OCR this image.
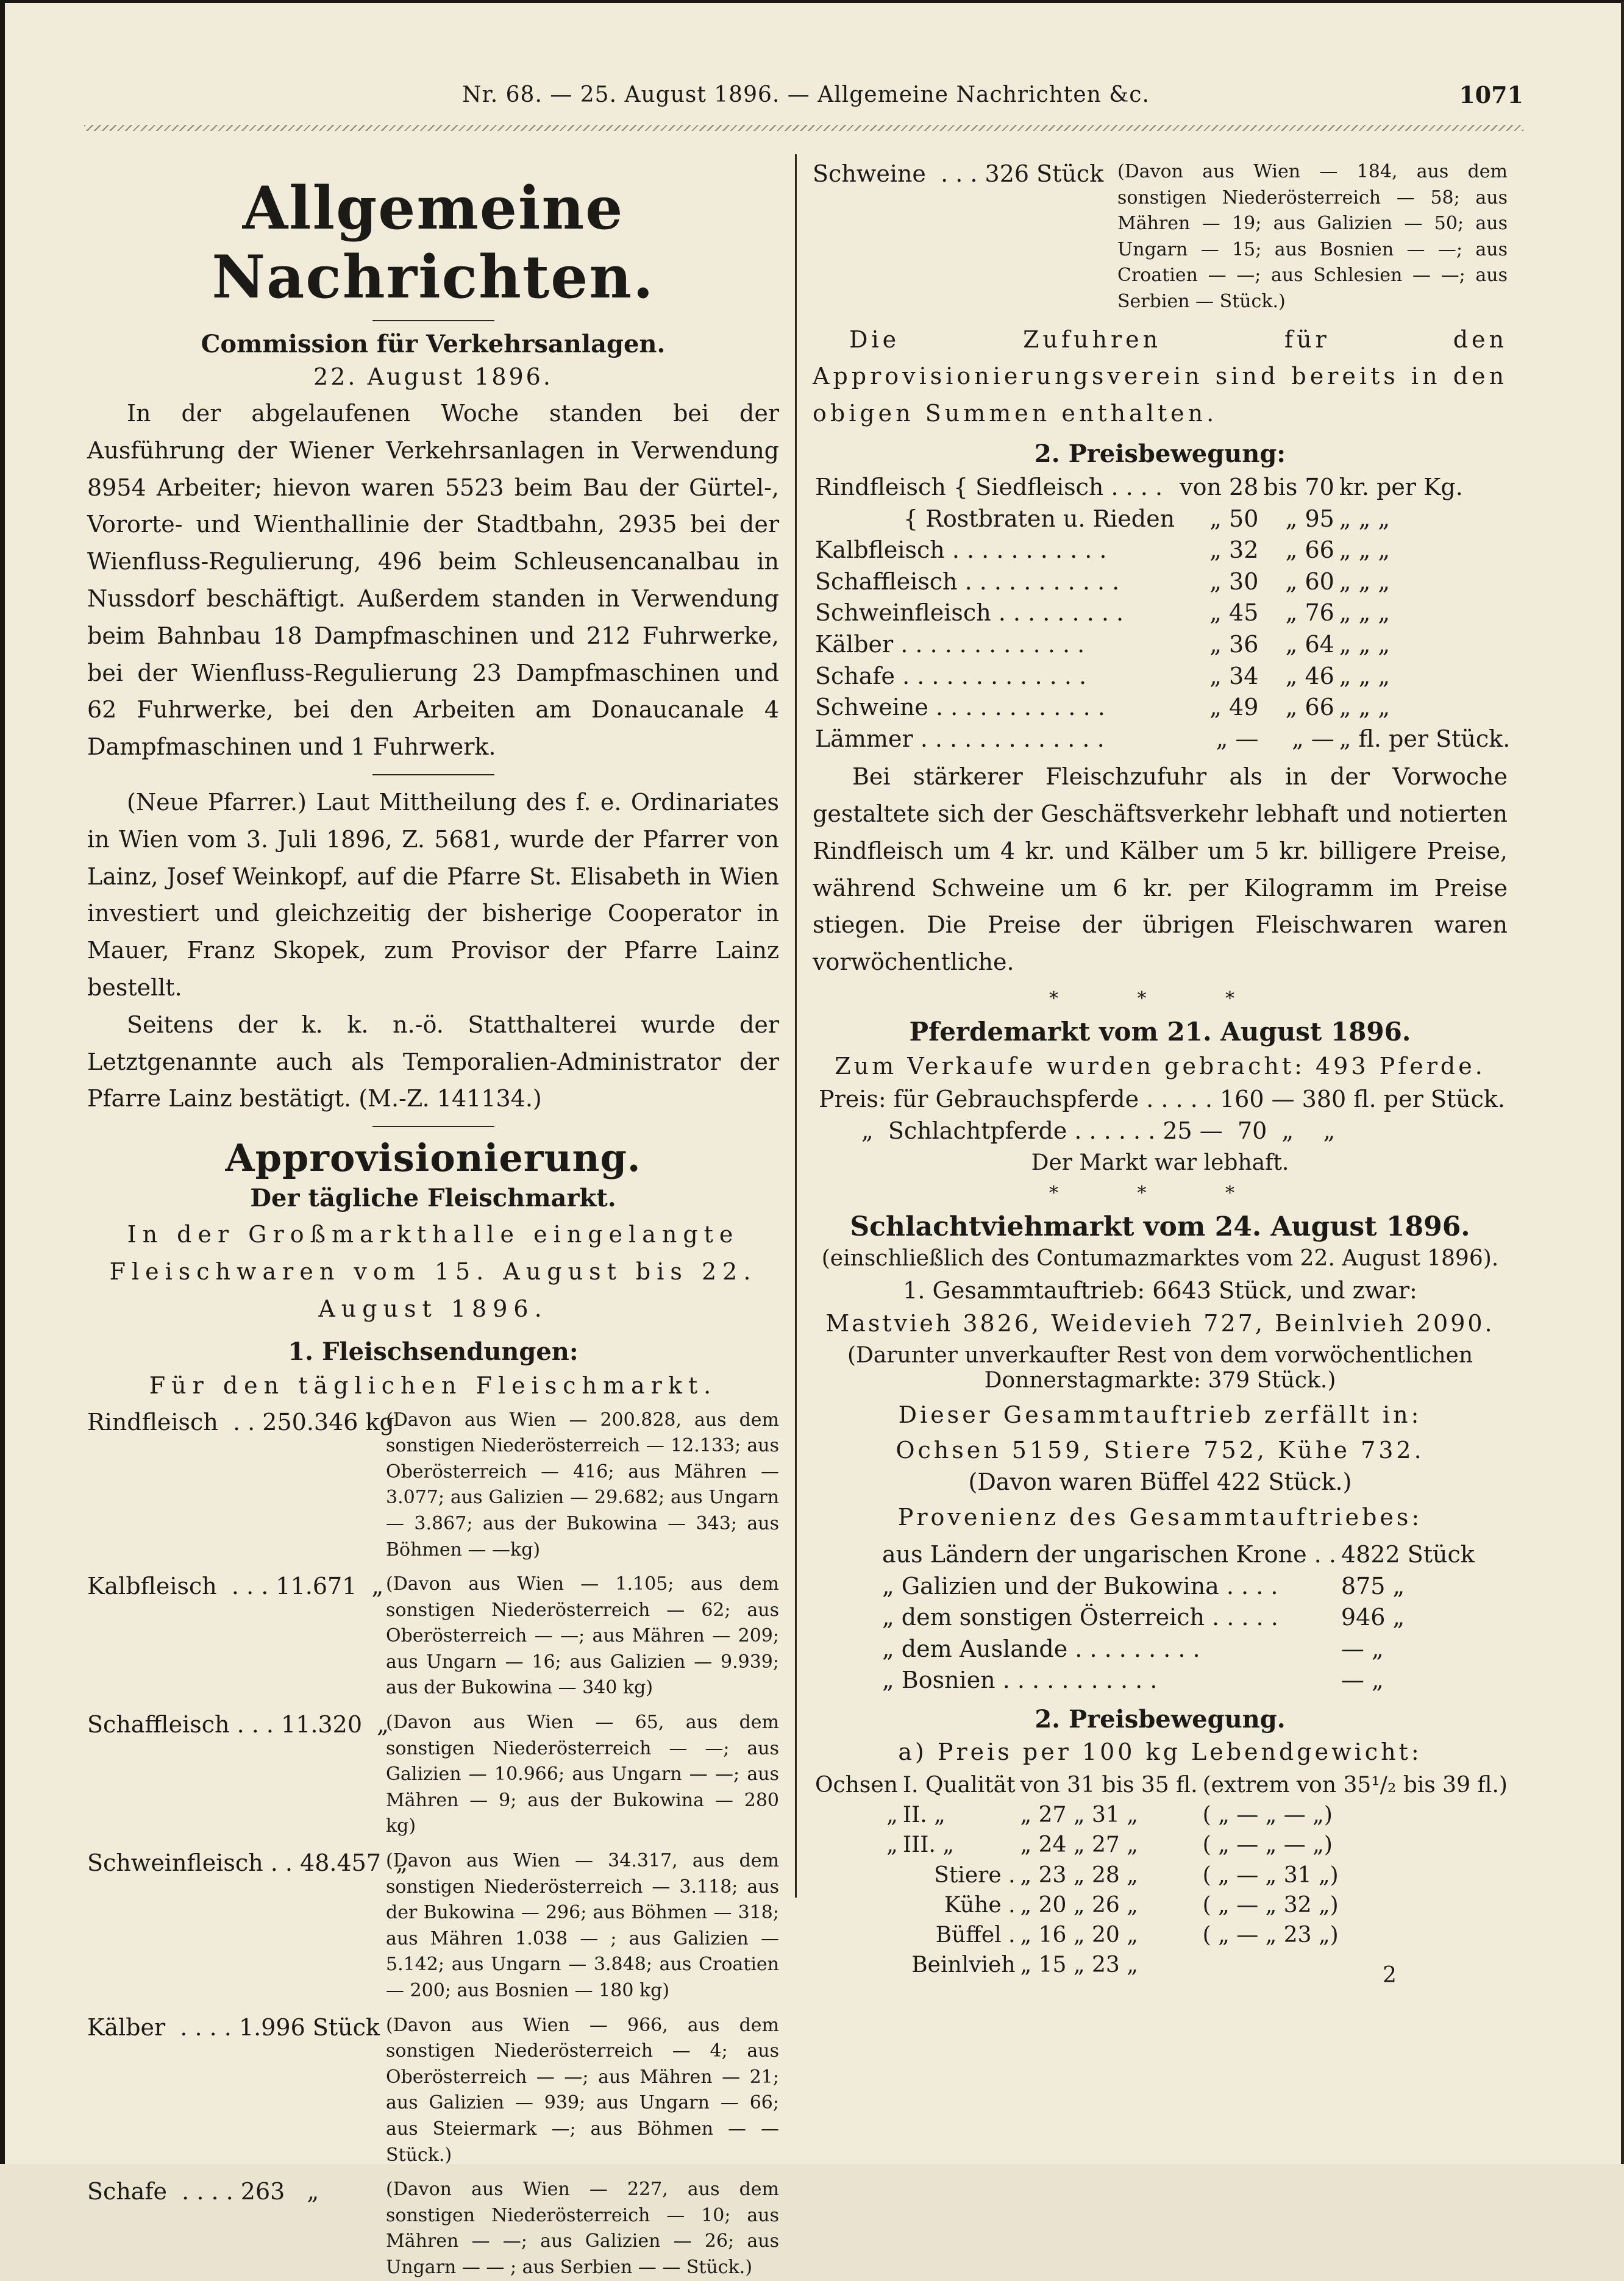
Nr. 68. — 25. August 1896. — Allgemeine Nachrichten &c.	1071
Allgemeine Nachrichten.
Commission für Verkehrsanlagen.

22. August 1896.

In der abgelaufenen Woche standen bei der Ausführung der Wiener Verkehrsanlagen in Verwendung 8954 Arbeiter; hievon waren 5523 beim Bau der Gürtel-, Vororte- und Wienthallinie der Stadtbahn, 2935 bei der Wienfluss-Regulierung, 496 beim Schleusencanalbau in Nussdorf beschäftigt. Außerdem standen in Verwendung beim Bahnbau 18 Dampfmaschinen und 212 Fuhrwerke, bei der Wienfluss-Regulierung 23 Dampfmaschinen und 62 Fuhrwerke, bei den Arbeiten am Donaucanale 4 Dampfmaschinen und 1 Fuhrwerk.

(Neue Pfarrer.) Laut Mittheilung des f. e. Ordinariates in Wien vom 3. Juli 1896, Z. 5681, wurde der Pfarrer von Lainz, Josef Weinkopf, auf die Pfarre St. Elisabeth in Wien investiert und gleichzeitig der bisherige Cooperator in Mauer, Franz Skopek, zum Provisor der Pfarre Lainz bestellt.

Seitens der k. k. n.-ö. Statthalterei wurde der Letztgenannte auch als Temporalien-Administrator der Pfarre Lainz bestätigt. (M.-Z. 141134.)

Approvisionierung.
Der tägliche Fleischmarkt.

In der Großmarkthalle eingelangte Fleischwaren vom 15. August bis 22. August 1896.

1. Fleischsendungen:

Für den täglichen Fleischmarkt.

Rindfleisch  . . 250.346 kg
(Davon aus Wien — 200.828, aus dem sonstigen Niederösterreich — 12.133; aus Oberösterreich — 416; aus Mähren — 3.077; aus Galizien — 29.682; aus Ungarn — 3.867; aus der Bukowina — 343; aus Böhmen — —kg)
Kalbfleisch  . . . 11.671  „ (Davon aus Wien — 1.105; aus dem sonstigen Niederösterreich — 62; aus Oberösterreich — —; aus Mähren — 209; aus Ungarn — 16; aus Galizien — 9.939; aus der Bukowina — 340 kg)
Schaffleisch . . . 11.320  „
(Davon aus Wien — 65, aus dem sonstigen Niederösterreich — —; aus Galizien — 10.966; aus Ungarn — —; aus Mähren — 9; aus der Bukowina — 280 kg)
Schweinfleisch . . 48.457  „
(Davon aus Wien — 34.317, aus dem sonstigen Niederösterreich — 3.118; aus der Bukowina — 296; aus Böhmen — 318; aus Mähren 1.038 — ; aus Galizien — 5.142; aus Ungarn — 3.848; aus Croatien — 200; aus Bosnien — 180 kg)
Kälber  . . . . 1.996 Stück (Davon aus Wien — 966, aus dem sonstigen Niederösterreich — 4; aus Oberösterreich — —; aus Mähren — 21; aus Galizien — 939; aus Ungarn — 66; aus Steiermark —; aus Böhmen — — Stück.)
Schafe  . . . . 263   „	(Davon aus Wien — 227, aus dem sonstigen Niederösterreich — 10; aus Mähren — —; aus Galizien — 26; aus Ungarn — — ; aus Serbien — — Stück.)
Schweine  . . . 326 Stück (Davon aus Wien — 184, aus dem sonstigen Niederösterreich — 58; aus Mähren — 19; aus Galizien — 50; aus Ungarn — 15; aus Bosnien — —; aus Croatien — —; aus Schlesien — —; aus Serbien — Stück.)

Die Zufuhren für den Approvisionierungsverein sind bereits in den obigen Summen enthalten.

2. Preisbewegung:
Rindfleisch { Siedfleisch . . . .	von 28	bis 70	kr. per Kg.
{ Rostbraten u. Rieden	„ 50	„ 95	„ „ „
Kalbfleisch . . . . . . . . . . .	„ 32	„ 66	„ „ „
Schaffleisch . . . . . . . . . . .	„ 30	„ 60	„ „ „
Schweinfleisch . . . . . . . . .	„ 45	„ 76	„ „ „
Kälber . . . . . . . . . . . . .	„ 36	„ 64	„ „ „
Schafe . . . . . . . . . . . . .	„ 34	„ 46	„ „ „
Schweine . . . . . . . . . . . .	„ 49	„ 66	„ „ „
Lämmer . . . . . . . . . . . . .	„ —	„ —	„ fl. per Stück.

Bei stärkerer Fleischzufuhr als in der Vorwoche gestaltete sich der Geschäftsverkehr lebhaft und notierten Rindfleisch um 4 kr. und Kälber um 5 kr. billigere Preise, während Schweine um 6 kr. per Kilogramm im Preise stiegen. Die Preise der übrigen Fleischwaren waren vorwöchentliche.

* * *
Pferdemarkt vom 21. August 1896.

Zum Verkaufe wurden gebracht: 493 Pferde.

Preis: für Gebrauchspferde . . . . . 160 — 380 fl. per Stück.

„  Schlachtpferde . . . . . . 25 —  70  „    „

Der Markt war lebhaft.

* * *
Schlachtviehmarkt vom 24. August 1896.

(einschließlich des Contumazmarktes vom 22. August 1896).

1. Gesammtauftrieb: 6643 Stück, und zwar:

Mastvieh 3826, Weidevieh 727, Beinlvieh 2090.

(Darunter unverkaufter Rest von dem vorwöchentlichen Donnerstagmarkte: 379 Stück.)

Dieser Gesammtauftrieb zerfällt in:

Ochsen 5159, Stiere 752, Kühe 732.

(Davon waren Büffel 422 Stück.)

Provenienz des Gesammtauftriebes:

aus Ländern der ungarischen Krone . .	4822 Stück
„ Galizien und der Bukowina . . . .	875 „
„ dem sonstigen Österreich . . . . .	946 „
„ dem Auslande . . . . . . . . .	— „
„ Bosnien . . . . . . . . . . .	— „
2. Preisbewegung.

a) Preis per 100 kg Lebendgewicht:

Ochsen	I. Qualität	von 31 bis 35 fl.	(extrem von 35¹/₂ bis 39 fl.)
„	II. „	„ 27 „ 31 „	( „ — „ — „)
„	III. „	„ 24 „ 27 „	( „ — „ — „)
	Stiere .	„ 23 „ 28 „	( „ — „ 31 „)
	Kühe .	„ 20 „ 26 „	( „ — „ 32 „)
	Büffel .	„ 16 „ 20 „	( „ — „ 23 „)
	Beinlvieh	„ 15 „ 23 „		2
